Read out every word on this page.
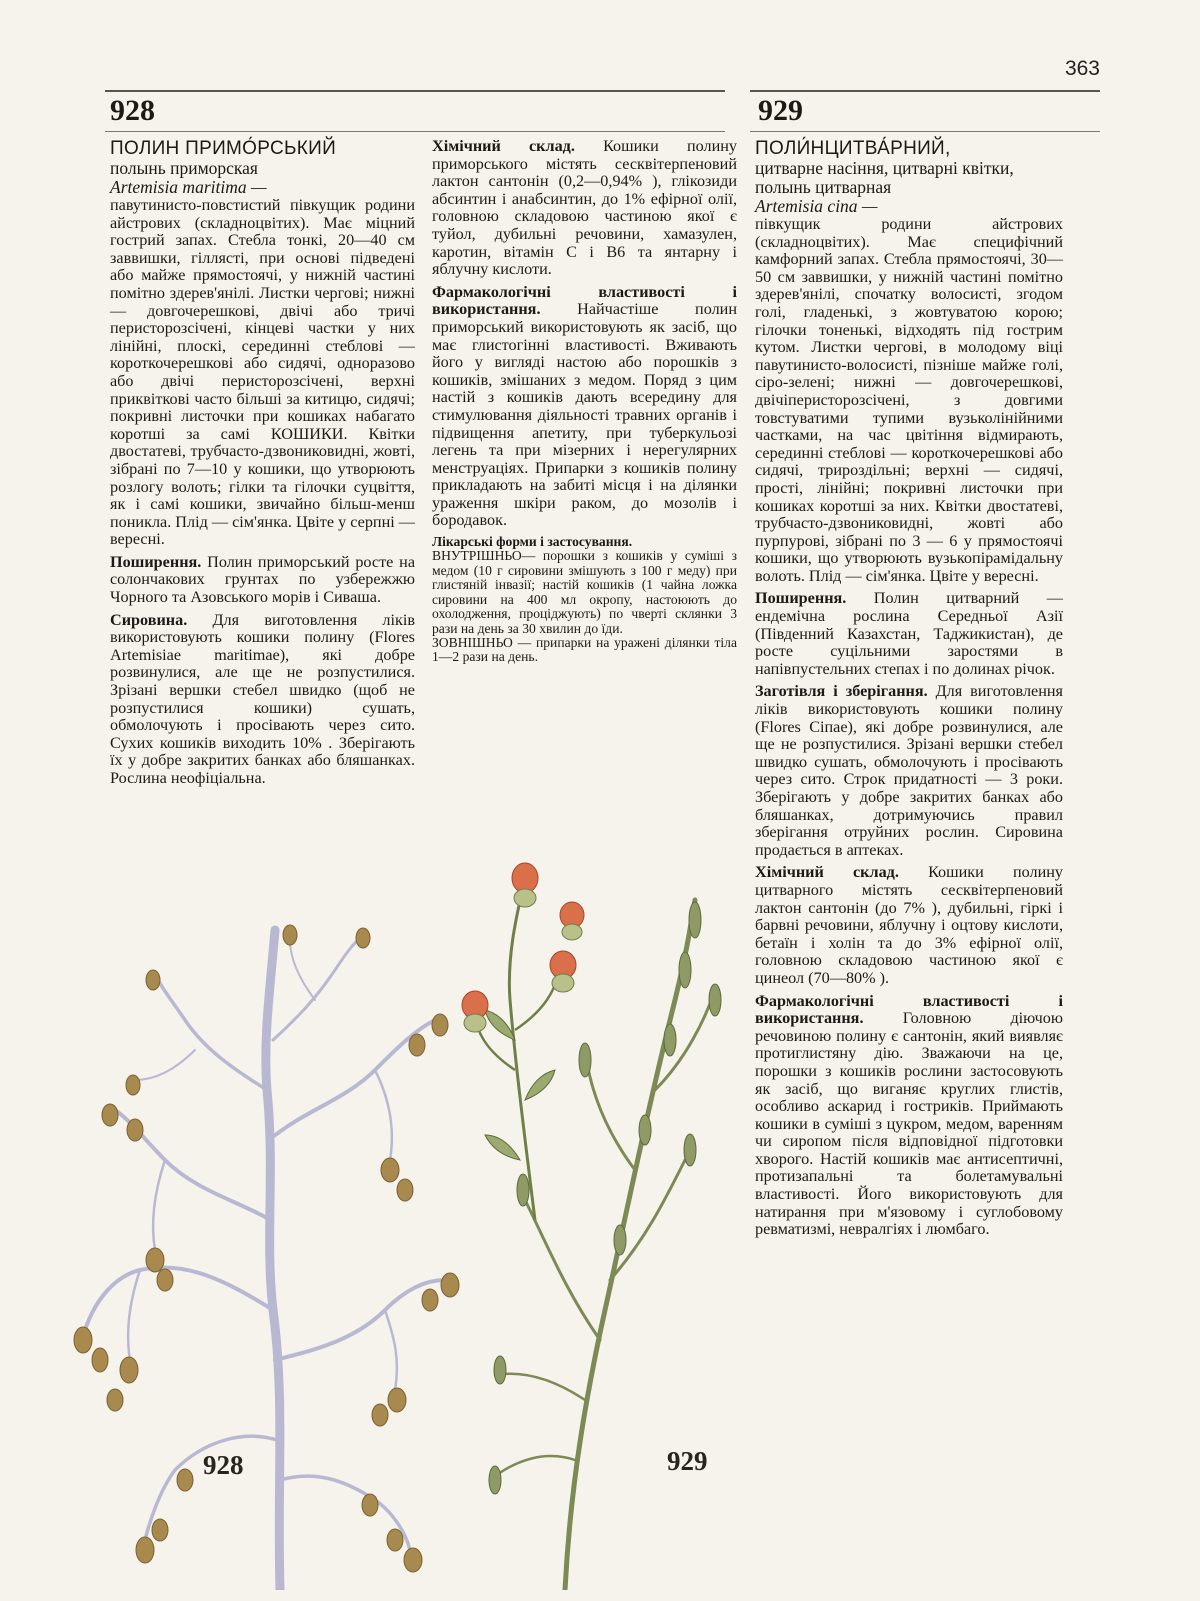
363
928	929

ПОЛИН ПРИМО́РСЬКИЙ

полынь приморская

Artemisia maritima —

павутинисто-повстистий півкущик родини айстрових (складноцвітих). Має міцний гострий запах. Стебла тонкі, 20—40 см заввишки, гіллясті, при основі підведені або майже прямостоячі, у нижній частині помітно здерев'янілі. Листки чергові; нижні — довгочерешкові, двічі або тричі перисторозсічені, кінцеві частки у них лінійні, плоскі, серединні стеблові — короткочерешкові або сидячі, одноразово або двічі перисторозсічені, верхні приквіткові часто більші за китицю, сидячі; покривні листочки при кошиках набагато коротші за самі КОШИКИ. Квітки двостатеві, трубчасто-дзвониковидні, жовті, зібрані по 7—10 у кошики, що утворюють розлогу волоть; гілки та гілочки суцвіття, як і самі кошики, звичайно більш-менш поникла. Плід — сім'янка. Цвіте у серпні — вересні.

Поширення. Полин приморський росте на солончакових грунтах по узбережжю Чорного та Азовського морів і Сиваша.

Сировина. Для виготовлення ліків використовують кошики полину (Flores Artemisiae maritimae), які добре розвинулися, але ще не розпустилися. Зрізані вершки стебел швидко (щоб не розпустилися кошики) сушать, обмолочують і просівають через сито. Сухих кошиків виходить 10% . Зберігають їх у добре закритих банках або бляшанках. Рослина неофіціальна.

Хімічний склад. Кошики полину приморського містять сесквітерпеновий лактон сантонін (0,2—0,94% ), глікозиди абсинтин і анабсинтин, до 1% ефірної олії, головною складовою частиною якої є туйол, дубильні речовини, хамазулен, каротин, вітамін С і В6 та янтарну і яблучну кислоти.

Фармакологічні властивості і використання. Найчастіше полин приморський використовують як засіб, що має глистогінні властивості. Вживають його у вигляді настою або порошків з кошиків, змішаних з медом. Поряд з цим настій з кошиків дають всередину для стимулювання діяльності травних органів і підвищення апетиту, при туберкульозі легень та при мізерних і нерегулярних менструаціях. Припарки з кошиків полину прикладають на забиті місця і на ділянки ураження шкіри раком, до мозолів і бородавок.

Лікарські форми і застосування.

ВНУТРІШНЬО— порошки з кошиків у суміші з медом (10 г сировини змішують з 100 г меду) при глистяній інвазії; настій кошиків (1 чайна ложка сировини на 400 мл окропу, настоюють до охолодження, проціджують) по чверті склянки 3 рази на день за 30 хвилин до їди.

ЗОВНІШНЬО — припарки на уражені ділянки тіла 1—2 рази на день.

ПОЛИ́НЦИТВА́РНИЙ,

цитварне насіння, цитварні квітки,

полынь цитварная

Artemisia cina —

півкущик родини айстрових (складноцвітих). Має специфічний камфорний запах. Стебла прямостоячі, 30—50 см заввишки, у нижній частині помітно здерев'янілі, спочатку волосисті, згодом голі, гладенькі, з жовтуватою корою; гілочки тоненькі, відходять під гострим кутом. Листки чергові, в молодому віці павутинисто-волосисті, пізніше майже голі, сіро-зелені; нижні — довгочерешкові, двічіперисторозсічені, з довгими товстуватими тупими вузьколінійними частками, на час цвітіння відмирають, серединні стеблові — короткочерешкові або сидячі, трироздільні; верхні — сидячі, прості, лінійні; покривні листочки при кошиках коротші за них. Квітки двостатеві, трубчасто-дзвониковидні, жовті або пурпурові, зібрані по 3 — 6 у прямостоячі кошики, що утворюють вузькопірамідальну волоть. Плід — сім'янка. Цвіте у вересні.

Поширення. Полин цитварний — ендемічна рослина Середньої Азії (Південний Казахстан, Таджикистан), де росте суцільними заростями в напівпустельних степах і по долинах річок.

Заготівля і зберігання. Для виготовлення ліків використовують кошики полину (Flores Сіпае), які добре розвинулися, але ще не розпустилися. Зрізані вершки стебел швидко сушать, обмолочують і просівають через сито. Строк придатності — 3 роки. Зберігають у добре закритих банках або бляшанках, дотримуючись правил зберігання отруйних рослин. Сировина продається в аптеках.

Хімічний склад. Кошики полину цитварного містять сесквітерпеновий лактон сантонін (до 7% ), дубильні, гіркі і барвні речовини, яблучну і оцтову кислоти, бетаїн і холін та до 3% ефірної олії, головною складовою частиною якої є цинеол (70—80% ).

Фармакологічні властивості і використання. Головною діючою речовиною полину є сантонін, який виявляє протиглистяну дію. Зважаючи на це, порошки з кошиків рослини застосовують як засіб, що виганяє круглих глистів, особливо аскарид і гостриків. Приймають кошики в суміші з цукром, медом, варенням чи сиропом після відповідної підготовки хворого. Настій кошиків має антисептичні, протизапальні та болетамувальні властивості. Його використовують для натирання при м'язовому і суглобовому ревматизмі, невралгіях і люмбаго.

928	929
